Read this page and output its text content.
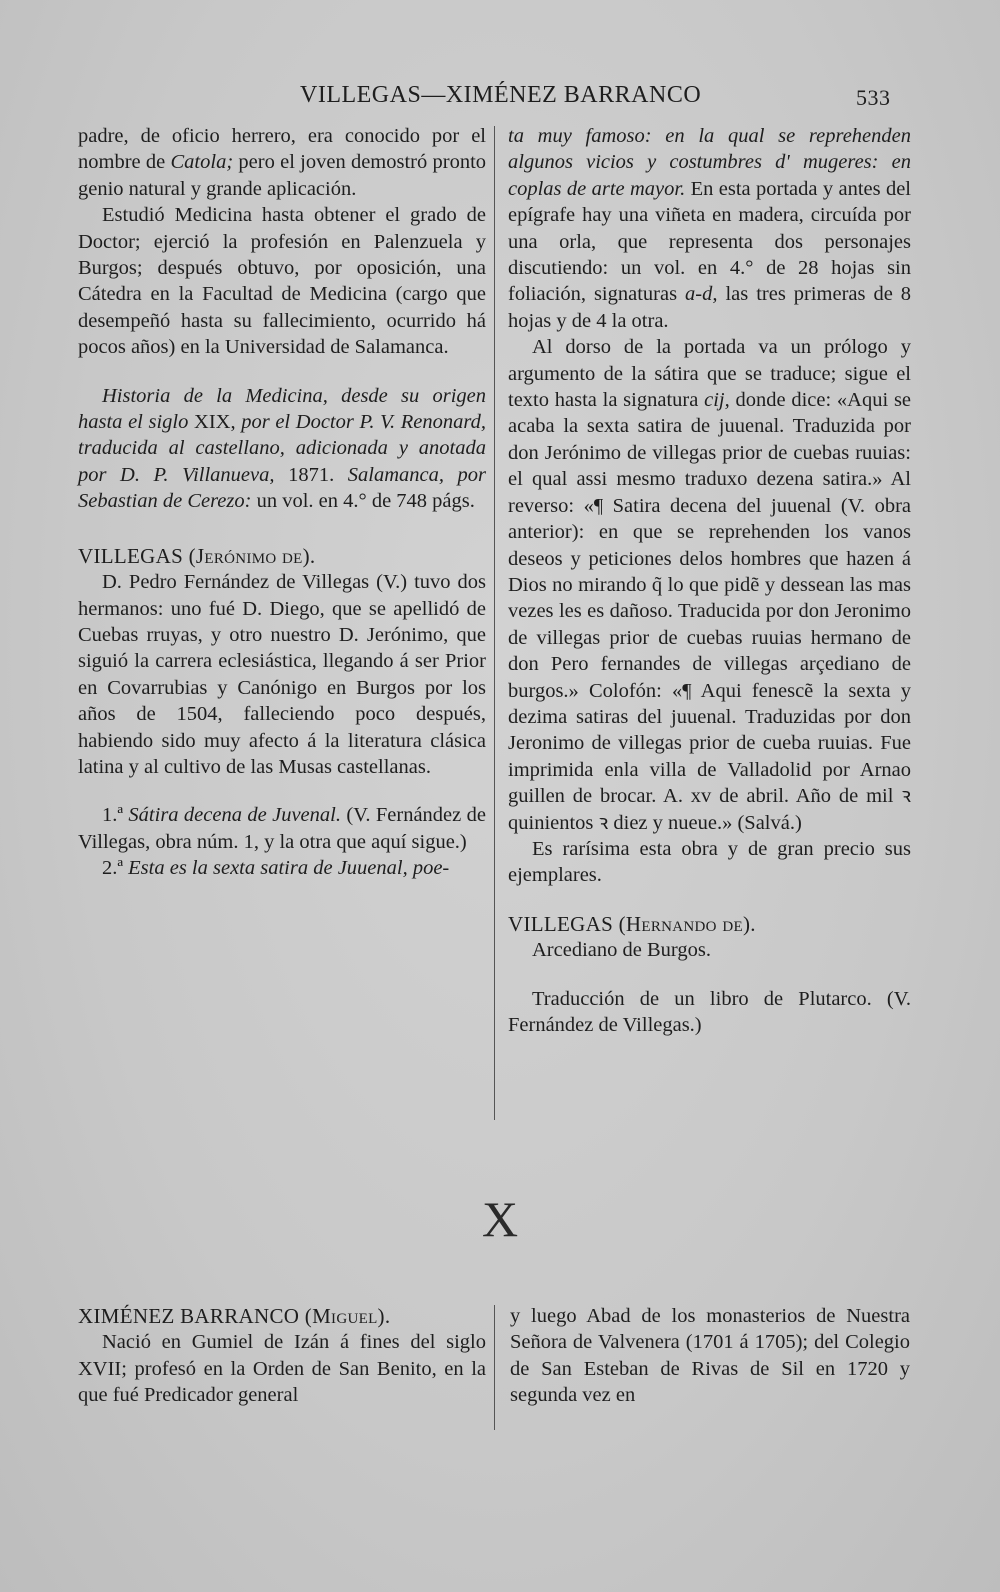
VILLEGAS—XIMÉNEZ BARRANCO	533

padre, de oficio herrero, era conocido por el nombre de Catola; pero el joven demostró pronto genio natural y grande aplicación.

Estudió Medicina hasta obtener el grado de Doctor; ejerció la profesión en Palenzuela y Burgos; después obtuvo, por oposición, una Cátedra en la Facultad de Medicina (cargo que desempeñó hasta su fallecimiento, ocurrido há pocos años) en la Universidad de Salamanca.

Historia de la Medicina, desde su origen hasta el siglo XIX, por el Doctor P. V. Renonard, traducida al castellano, adicionada y anotada por D. P. Villanueva, 1871. Salamanca, por Sebastian de Cerezo: un vol. en 4.° de 748 págs.

VILLEGAS (Jerónimo de).

D. Pedro Fernández de Villegas (V.) tuvo dos hermanos: uno fué D. Diego, que se apellidó de Cuebas rruyas, y otro nuestro D. Jerónimo, que siguió la carrera eclesiástica, llegando á ser Prior en Covarrubias y Canónigo en Burgos por los años de 1504, falleciendo poco después, habiendo sido muy afecto á la literatura clásica latina y al cultivo de las Musas castellanas.

1.ª Sátira decena de Juvenal. (V. Fernández de Villegas, obra núm. 1, y la otra que aquí sigue.)

2.ª Esta es la sexta satira de Juuenal, poe-

ta muy famoso: en la qual se reprehenden algunos vicios y costumbres d' mugeres: en coplas de arte mayor. En esta portada y antes del epígrafe hay una viñeta en madera, circuída por una orla, que representa dos personajes discutiendo: un vol. en 4.° de 28 hojas sin foliación, signaturas a-d, las tres primeras de 8 hojas y de 4 la otra.

Al dorso de la portada va un prólogo y argumento de la sátira que se traduce; sigue el texto hasta la signatura cij, donde dice: «Aqui se acaba la sexta satira de juuenal. Traduzida por don Jerónimo de villegas prior de cuebas ruuias: el qual assi mesmo traduxo dezena satira.» Al reverso: «¶ Satira decena del juuenal (V. obra anterior): en que se reprehenden los vanos deseos y peticiones delos hombres que hazen á Dios no mirando q̃ lo que pidẽ y dessean las mas vezes les es dañoso. Traducida por don Jeronimo de villegas prior de cuebas ruuias hermano de don Pero fernandes de villegas arçediano de burgos.» Colofón: «¶ Aqui fenescẽ la sexta y dezima satiras del juuenal. Traduzidas por don Jeronimo de villegas prior de cueba ruuias. Fue imprimida enla villa de Valladolid por Arnao guillen de brocar. A. xv de abril. Año de mil ꝛ quinientos ꝛ diez y nueue.» (Salvá.)

Es rarísima esta obra y de gran precio sus ejemplares.

VILLEGAS (Hernando de).

Arcediano de Burgos.

Traducción de un libro de Plutarco. (V. Fernández de Villegas.)

X

XIMÉNEZ BARRANCO (Miguel).

Nació en Gumiel de Izán á fines del siglo XVII; profesó en la Orden de San Benito, en la que fué Predicador general

y luego Abad de los monasterios de Nuestra Señora de Valvenera (1701 á 1705); del Colegio de San Esteban de Rivas de Sil en 1720 y segunda vez en
